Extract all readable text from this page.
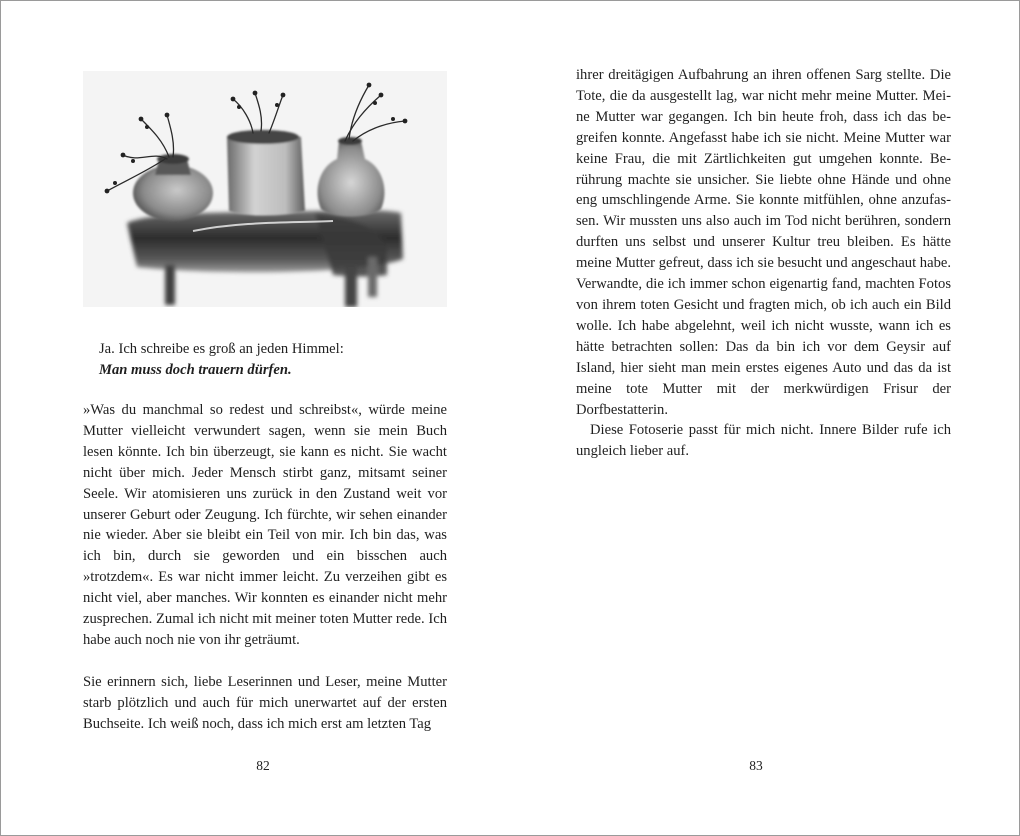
Ja. Ich schreibe es groß an jeden Himmel:

Man muss doch trauern dürfen.

»Was du manchmal so redest und schreibst«, würde meine Mutter vielleicht verwundert sagen, wenn sie mein Buch lesen könnte. Ich bin überzeugt, sie kann es nicht. Sie wacht nicht über mich. Jeder Mensch stirbt ganz, mitsamt seiner Seele. Wir atomisieren uns zurück in den Zustand weit vor unserer Geburt oder Zeugung. Ich fürchte, wir sehen einander nie wieder. Aber sie bleibt ein Teil von mir. Ich bin das, was ich bin, durch sie geworden und ein bisschen auch »trotzdem«. Es war nicht immer leicht. Zu verzeihen gibt es nicht viel, aber manches. Wir konnten es einander nicht mehr zusprechen. Zumal ich nicht mit meiner toten Mutter rede. Ich habe auch noch nie von ihr geträumt.

Sie erinnern sich, liebe Leserinnen und Leser, meine Mutter starb plötzlich und auch für mich unerwartet auf der ersten Buchseite. Ich weiß noch, dass ich mich erst am letzten Tag

82

ihrer dreitägigen Aufbahrung an ihren offenen Sarg stellte. Die Tote, die da ausgestellt lag, war nicht mehr meine Mutter. Meine Mutter war gegangen. Ich bin heute froh, dass ich das begreifen konnte. Angefasst habe ich sie nicht. Meine Mutter war keine Frau, die mit Zärtlichkeiten gut umgehen konnte. Berührung machte sie unsicher. Sie liebte ohne Hände und ohne eng umschlingende Arme. Sie konnte mitfühlen, ohne anzufassen. Wir mussten uns also auch im Tod nicht berühren, sondern durften uns selbst und unserer Kultur treu bleiben. Es hätte meine Mutter gefreut, dass ich sie besucht und angeschaut habe. Verwandte, die ich immer schon eigenartig fand, machten Fotos von ihrem toten Gesicht und fragten mich, ob ich auch ein Bild wolle. Ich habe abgelehnt, weil ich nicht wusste, wann ich es hätte betrachten sollen: Das da bin ich vor dem Geysir auf Island, hier sieht man mein erstes eigenes Auto und das da ist meine tote Mutter mit der merkwürdigen Frisur der Dorfbestatterin.

Diese Fotoserie passt für mich nicht. Innere Bilder rufe ich ungleich lieber auf.

83
